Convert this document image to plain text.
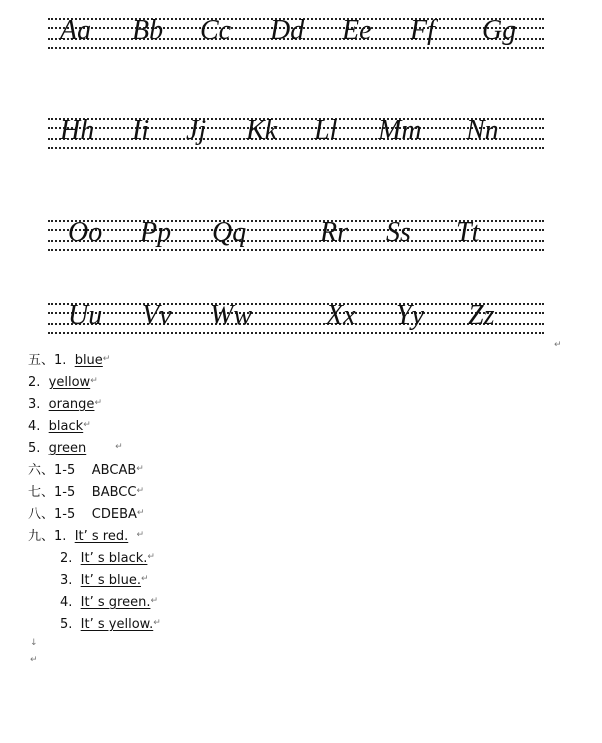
Aa Bb Cc Dd Ee Ff Gg
Hh Ii Jj Kk Ll Mm Nn
Oo Pp Qq	Rr Ss Tt
Uu Vv Ww	Xx Yy Zz
↵
五、1. blue↵
2. yellow↵
3. orange↵
4. black↵
5. green	↵
六、1-5 ABCAB↵
七、1-5 BABCC↵
八、1-5 CDEBA↵
九、1. It’ s red. ↵
2. It’ s black.↵
3. It’ s blue.↵
4. It’ s green.↵
5. It’ s yellow.↵
↓
↵
